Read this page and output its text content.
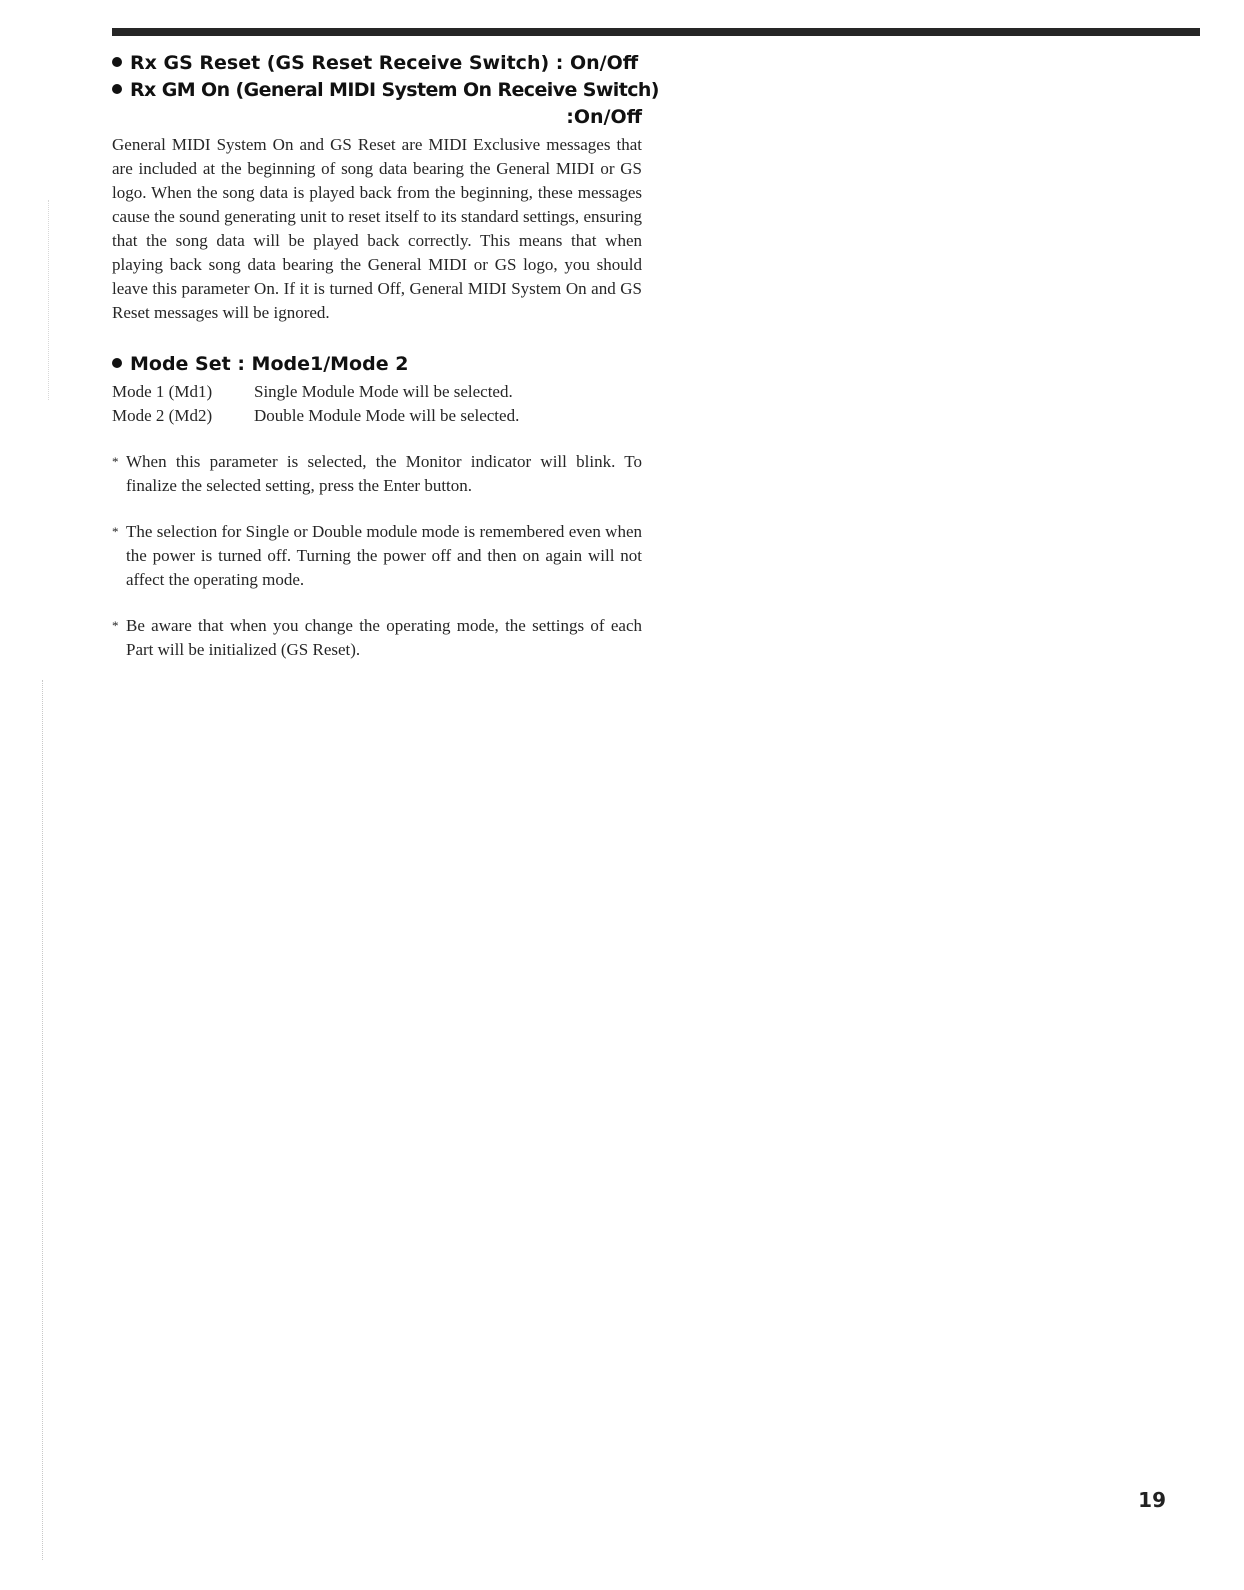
Rx GS Reset (GS Reset Receive Switch) : On/Off

Rx GM On (General MIDI System On Receive Switch)

:On/Off

General MIDI System On and GS Reset are MIDI Exclusive messages that are included at the beginning of song data bearing the General MIDI or GS logo. When the song data is played back from the beginning, these messages cause the sound generating unit to reset itself to its standard settings, ensuring that the song data will be played back correctly. This means that when playing back song data bearing the General MIDI or GS logo, you should leave this parameter On. If it is turned Off, General MIDI System On and GS Reset messages will be ignored.

Mode Set : Mode1/Mode 2

Mode 1 (Md1)	Single Module Mode will be selected.
Mode 2 (Md2)	Double Module Mode will be selected.
* When this parameter is selected, the Monitor indicator will blink. To finalize the selected setting, press the Enter button.
* The selection for Single or Double module mode is remembered even when the power is turned off. Turning the power off and then on again will not affect the operating mode.
* Be aware that when you change the operating mode, the settings of each Part will be initialized (GS Reset).
19
